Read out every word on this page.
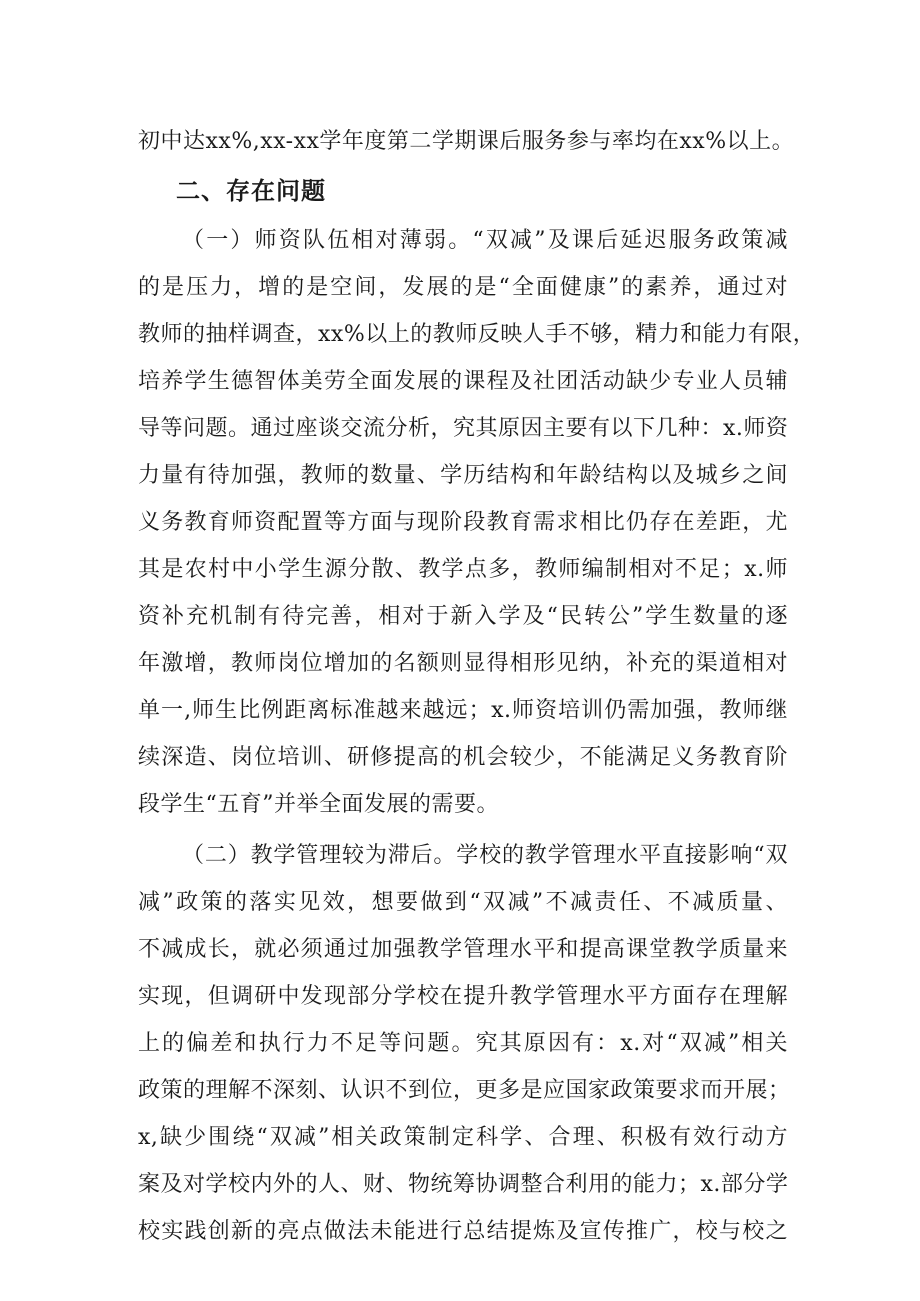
初中达xx%,xx-xx学年度第二学期课后服务参与率均在xx%以上。
二、存在问题
（一）师资队伍相对薄弱。“双减”及课后延迟服务政策减
的是压力，增的是空间，发展的是“全面健康”的素养，通过对
教师的抽样调查，xx%以上的教师反映人手不够，精力和能力有限，
培养学生德智体美劳全面发展的课程及社团活动缺少专业人员辅
导等问题。通过座谈交流分析，究其原因主要有以下几种：x.师资
力量有待加强，教师的数量、学历结构和年龄结构以及城乡之间
义务教育师资配置等方面与现阶段教育需求相比仍存在差距，尤
其是农村中小学生源分散、教学点多，教师编制相对不足；x.师
资补充机制有待完善，相对于新入学及“民转公”学生数量的逐
年激增，教师岗位增加的名额则显得相形见纳，补充的渠道相对
单一,师生比例距离标准越来越远；x.师资培训仍需加强，教师继
续深造、岗位培训、研修提高的机会较少，不能满足义务教育阶
段学生“五育”并举全面发展的需要。
（二）教学管理较为滞后。学校的教学管理水平直接影响“双
减”政策的落实见效，想要做到“双减”不减责任、不减质量、
不减成长，就必须通过加强教学管理水平和提高课堂教学质量来
实现，但调研中发现部分学校在提升教学管理水平方面存在理解
上的偏差和执行力不足等问题。究其原因有：x.对“双减”相关
政策的理解不深刻、认识不到位，更多是应国家政策要求而开展；
x,缺少围绕“双减”相关政策制定科学、合理、积极有效行动方
案及对学校内外的人、财、物统筹协调整合利用的能力；x.部分学
校实践创新的亮点做法未能进行总结提炼及宣传推广，校与校之
